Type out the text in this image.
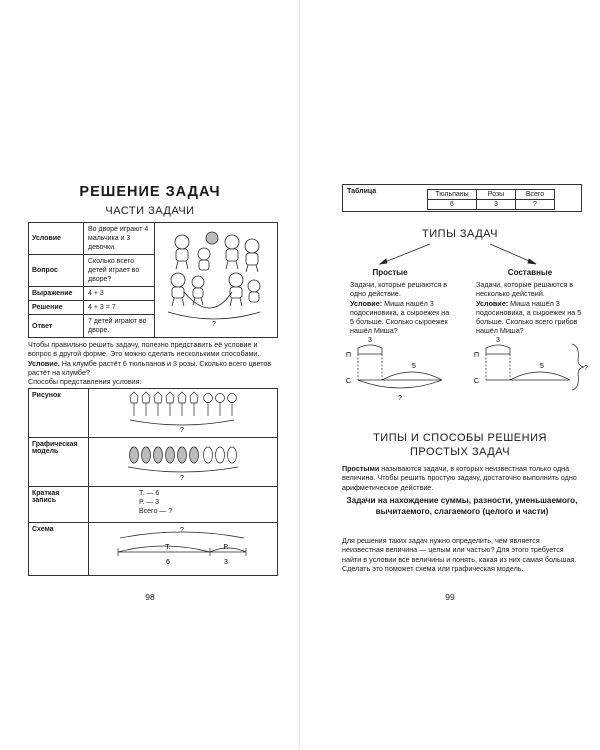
РЕШЕНИЕ ЗАДАЧ
ЧАСТИ ЗАДАЧИ
Условие	Во дворе играют 4 мальчика и 3 девочки.	?

Вопрос	Сколько всего детей играет во дворе?	
Выражение	4 + 3	
Решение	4 + 3 = 7	
Ответ	7 детей играют во дворе.	
Чтобы правильно решить задачу, полезно представить её условие и вопрос в другой форме. Это можно сделать несколькими способами.
Условие. На клумбе растёт 6 тюльпанов и 3 розы. Сколько всего цветов растёт на клумбе?
Способы представления условия:
Рисунок	?

Графическая модель	?

Краткая запись	Т. — 6
Р. — 3
Всего — ?

Схема	?
Т. Р.
6 3
98
Таблица	Тюльпаны	Розы	Всего
6	3	?
ТИПЫ ЗАДАЧ
Простые	Составные
Задачи, которые решаются в одно действие.
Условие: Миша нашёл 3 подосиновика, а сыроежек на 5 больше. Сколько сыроежек нашёл Миша?
Задачи, которые решаются в несколько действий.
Условие: Миша нашёл 3 подосиновика, а сыроежек на 5 больше. Сколько всего грибов нашёл Миша?
П
С
3
5
?
П
С
3
5	?
ТИПЫ И СПОСОБЫ РЕШЕНИЯ
ПРОСТЫХ ЗАДАЧ
Простыми называются задачи, в которых неизвестная только одна величина. Чтобы решить простую задачу, достаточно выполнить одно арифметическое действие.
Задачи на нахождение суммы, разности, уменьшаемого, вычитаемого, слагаемого (целого и части)
Для решения таких задач нужно определить, чем является неизвестная величина — целым или частью? Для этого требуется найти в условии все величины и понять, какая из них самая большая. Сделать это поможет схема или графическая модель.
99
